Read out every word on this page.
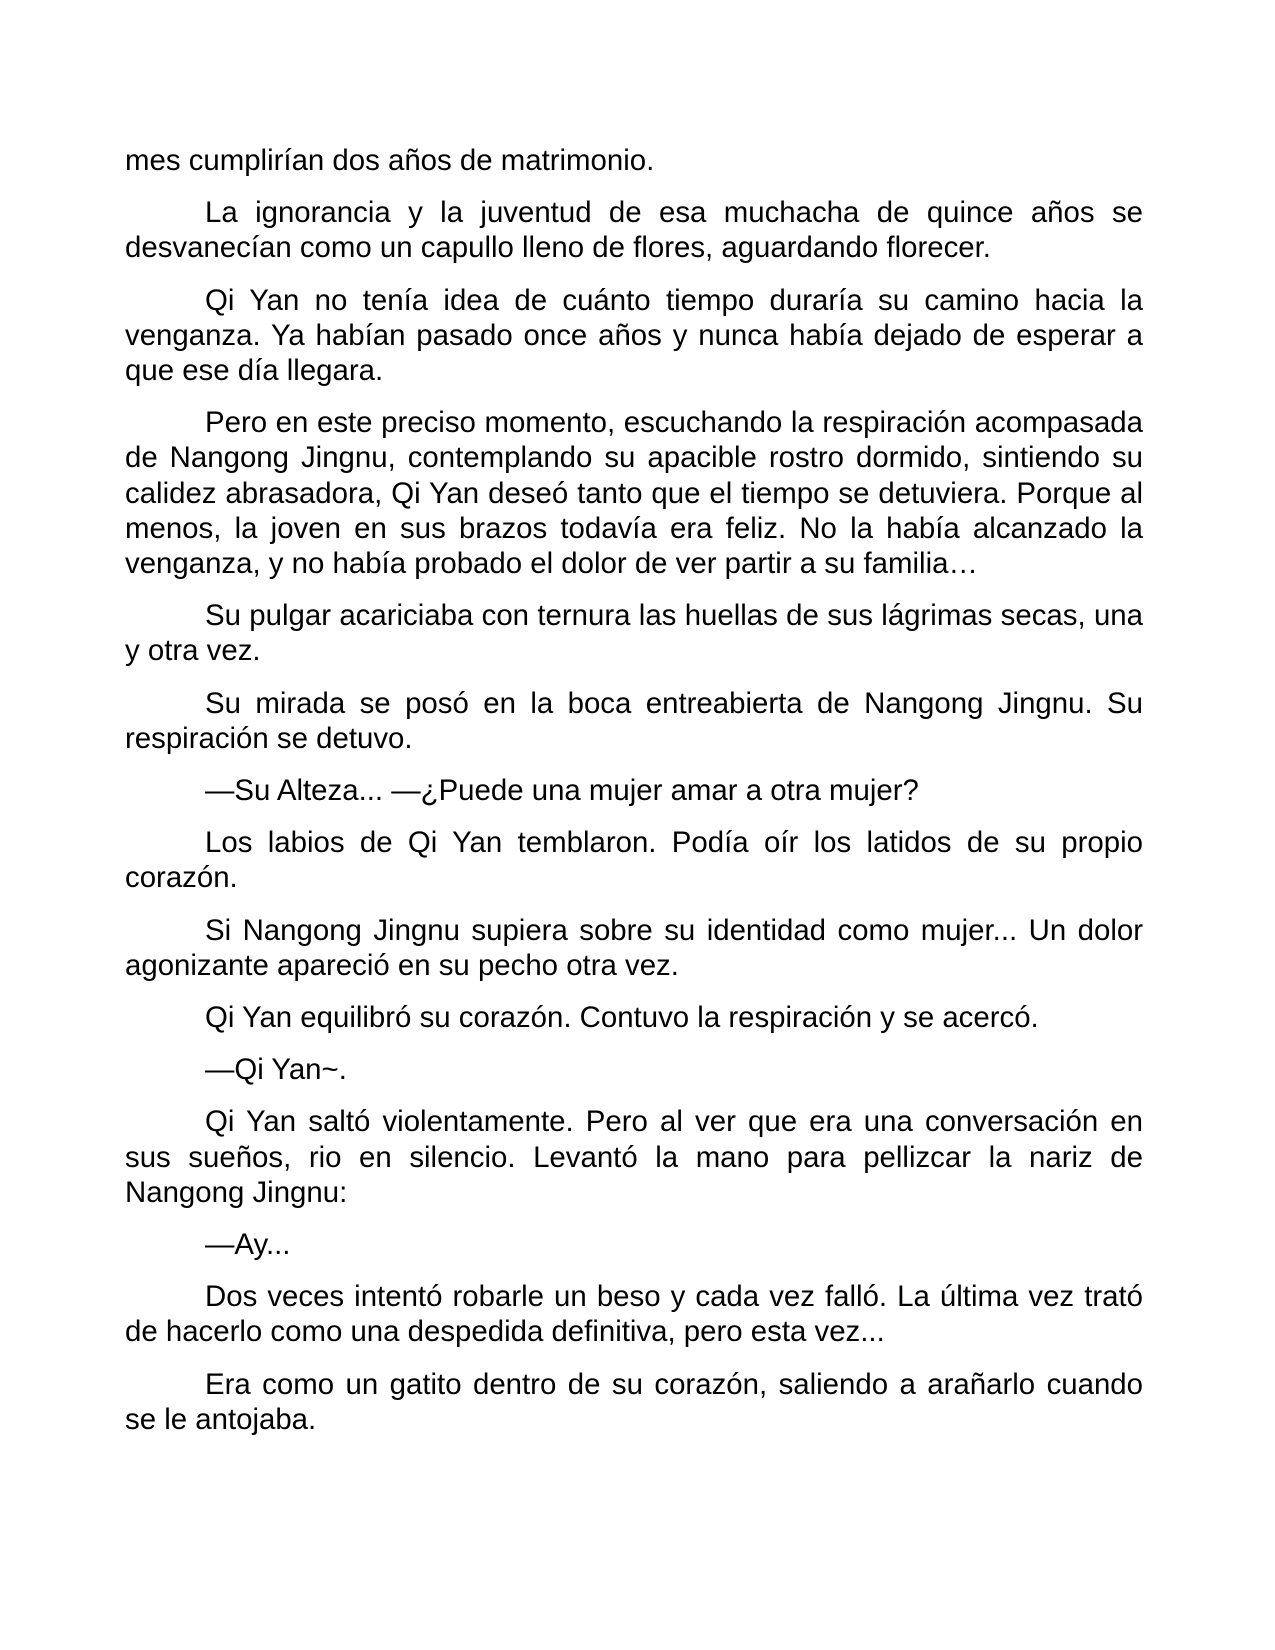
mes cumplirían dos años de matrimonio.

La ignorancia y la juventud de esa muchacha de quince años se desvanecían como un capullo lleno de flores, aguardando florecer.

Qi Yan no tenía idea de cuánto tiempo duraría su camino hacia la venganza. Ya habían pasado once años y nunca había dejado de esperar a que ese día llegara.

Pero en este preciso momento, escuchando la respiración acompasada de Nangong Jingnu, contemplando su apacible rostro dormido, sintiendo su calidez abrasadora, Qi Yan deseó tanto que el tiempo se detuviera. Porque al menos, la joven en sus brazos todavía era feliz. No la había alcanzado la venganza, y no había probado el dolor de ver partir a su familia…

Su pulgar acariciaba con ternura las huellas de sus lágrimas secas, una y otra vez.

Su mirada se posó en la boca entreabierta de Nangong Jingnu. Su respiración se detuvo.

—Su Alteza... —¿Puede una mujer amar a otra mujer?

Los labios de Qi Yan temblaron. Podía oír los latidos de su propio corazón.

Si Nangong Jingnu supiera sobre su identidad como mujer... Un dolor agonizante apareció en su pecho otra vez.

Qi Yan equilibró su corazón. Contuvo la respiración y se acercó.

—Qi Yan~.

Qi Yan saltó violentamente. Pero al ver que era una conversación en sus sueños, rio en silencio. Levantó la mano para pellizcar la nariz de Nangong Jingnu:

—Ay...

Dos veces intentó robarle un beso y cada vez falló. La última vez trató de hacerlo como una despedida definitiva, pero esta vez...

Era como un gatito dentro de su corazón, saliendo a arañarlo cuando se le antojaba.
